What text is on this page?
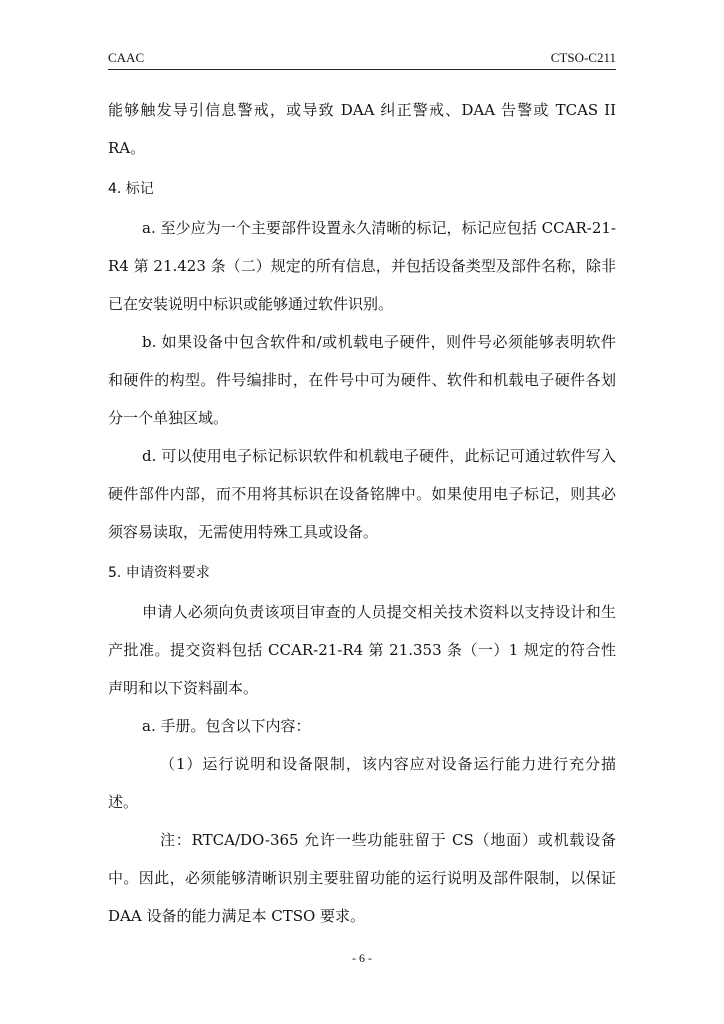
CAAC	CTSO-C211

能够触发导引信息警戒，或导致 DAA 纠正警戒、DAA 告警或 TCAS II RA。

4. 标记

a. 至少应为一个主要部件设置永久清晰的标记，标记应包括 CCAR-21-R4 第 21.423 条（二）规定的所有信息，并包括设备类型及部件名称，除非已在安装说明中标识或能够通过软件识别。

b. 如果设备中包含软件和/或机载电子硬件，则件号必须能够表明软件和硬件的构型。件号编排时，在件号中可为硬件、软件和机载电子硬件各划分一个单独区域。

d. 可以使用电子标记标识软件和机载电子硬件，此标记可通过软件写入硬件部件内部，而不用将其标识在设备铭牌中。如果使用电子标记，则其必须容易读取，无需使用特殊工具或设备。

5. 申请资料要求

申请人必须向负责该项目审查的人员提交相关技术资料以支持设计和生产批准。提交资料包括 CCAR-21-R4 第 21.353 条（一）1 规定的符合性声明和以下资料副本。

a. 手册。包含以下内容：

（1）运行说明和设备限制，该内容应对设备运行能力进行充分描述。

注：RTCA/DO-365 允许一些功能驻留于 CS（地面）或机载设备中。因此，必须能够清晰识别主要驻留功能的运行说明及部件限制，以保证 DAA 设备的能力满足本 CTSO 要求。

- 6 -
